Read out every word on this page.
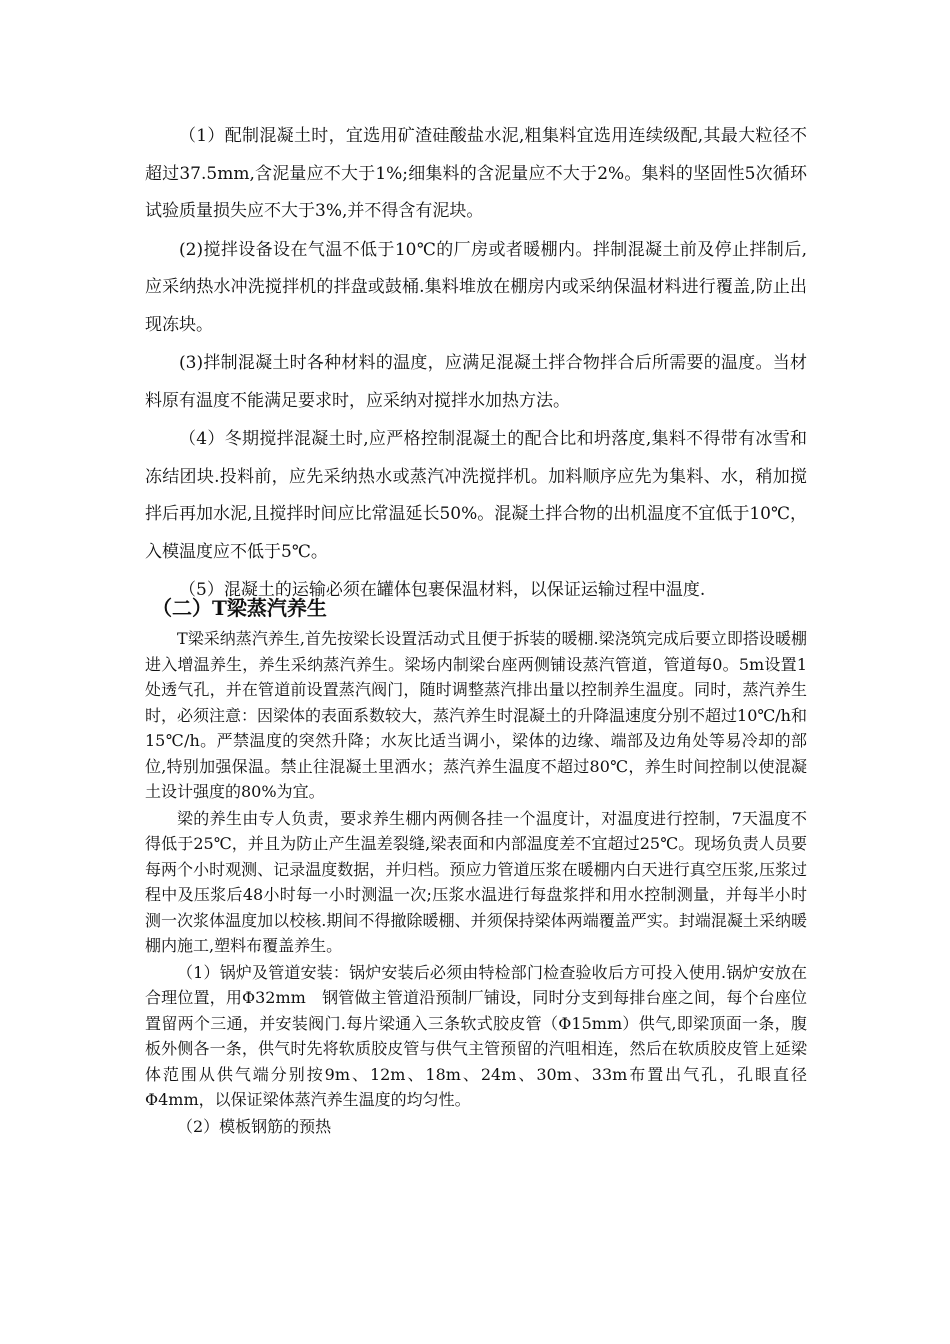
（1）配制混凝土时，宜选用矿渣硅酸盐水泥,粗集料宜选用连续级配,其最大粒径不超过37.5mm,含泥量应不大于1%;细集料的含泥量应不大于2%。集料的坚固性5次循环试验质量损失应不大于3%,并不得含有泥块。

(2)搅拌设备设在气温不低于10℃的厂房或者暖棚内。拌制混凝土前及停止拌制后,应采纳热水冲洗搅拌机的拌盘或鼓桶.集料堆放在棚房内或采纳保温材料进行覆盖,防止出现冻块。

(3)拌制混凝土时各种材料的温度，应满足混凝土拌合物拌合后所需要的温度。当材料原有温度不能满足要求时，应采纳对搅拌水加热方法。

（4）冬期搅拌混凝土时,应严格控制混凝土的配合比和坍落度,集料不得带有冰雪和冻结团块.投料前，应先采纳热水或蒸汽冲洗搅拌机。加料顺序应先为集料、水，稍加搅拌后再加水泥,且搅拌时间应比常温延长50%。混凝土拌合物的出机温度不宜低于10℃，入模温度应不低于5℃。

（5）混凝土的运输必须在罐体包裹保温材料，以保证运输过程中温度.

（二）T梁蒸汽养生

T梁采纳蒸汽养生,首先按梁长设置活动式且便于拆装的暖棚.梁浇筑完成后要立即搭设暖棚进入增温养生，养生采纳蒸汽养生。梁场内制梁台座两侧铺设蒸汽管道，管道每0。5m设置1处透气孔，并在管道前设置蒸汽阀门，随时调整蒸汽排出量以控制养生温度。同时，蒸汽养生时，必须注意：因梁体的表面系数较大，蒸汽养生时混凝土的升降温速度分别不超过10℃/h和15℃/h。严禁温度的突然升降；水灰比适当调小，梁体的边缘、端部及边角处等易冷却的部位,特别加强保温。禁止往混凝土里洒水；蒸汽养生温度不超过80℃，养生时间控制以使混凝土设计强度的80%为宜。

梁的养生由专人负责，要求养生棚内两侧各挂一个温度计，对温度进行控制，7天温度不得低于25℃，并且为防止产生温差裂缝,梁表面和内部温度差不宜超过25℃。现场负责人员要每两个小时观测、记录温度数据，并归档。预应力管道压浆在暖棚内白天进行真空压浆,压浆过程中及压浆后48小时每一小时测温一次;压浆水温进行每盘浆拌和用水控制测量，并每半小时测一次浆体温度加以校核.期间不得撤除暖棚、并须保持梁体两端覆盖严实。封端混凝土采纳暖棚内施工,塑料布覆盖养生。

（1）锅炉及管道安装：锅炉安装后必须由特检部门检查验收后方可投入使用.锅炉安放在合理位置，用Φ32mm　钢管做主管道沿预制厂铺设，同时分支到每排台座之间，每个台座位置留两个三通，并安装阀门.每片梁通入三条软式胶皮管（Φ15mm）供气,即梁顶面一条，腹板外侧各一条，供气时先将软质胶皮管与供气主管预留的汽咀相连，然后在软质胶皮管上延梁体范围从供气端分别按9m、12m、18m、24m、30m、33m布置出气孔，孔眼直径Φ4mm，以保证梁体蒸汽养生温度的均匀性。

（2）模板钢筋的预热
